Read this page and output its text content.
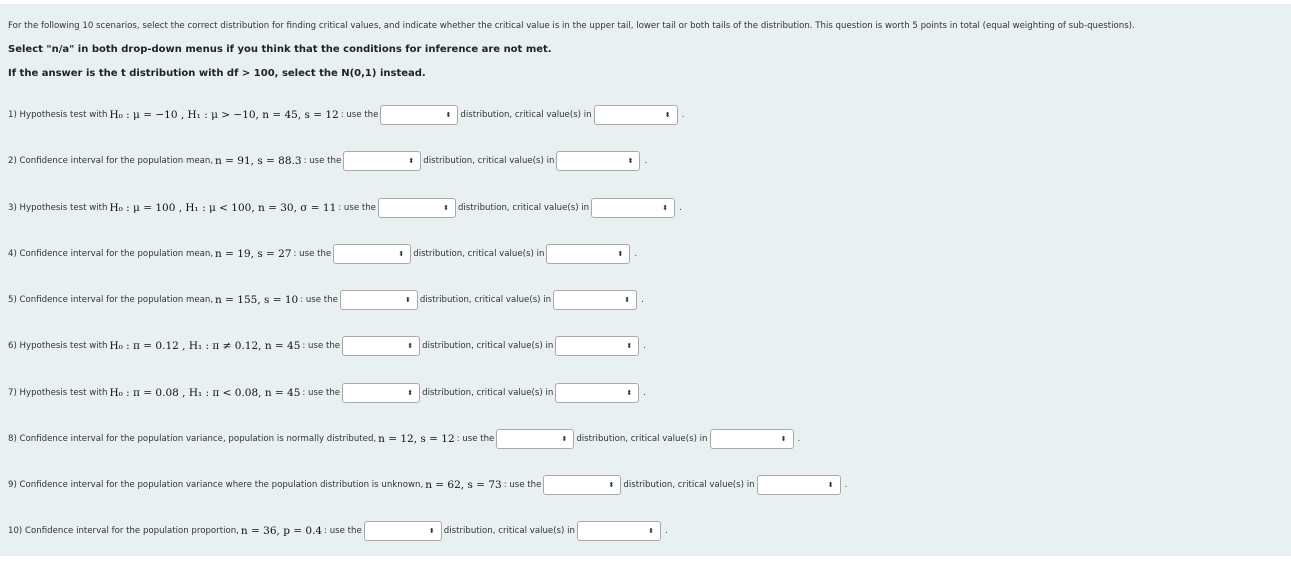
For the following 10 scenarios, select the correct distribution for finding critical values, and indicate whether the critical value is in the upper tail, lower tail or both tails of the distribution. This question is worth 5 points in total (equal weighting of sub-questions).
Select "n/a" in both drop-down menus if you think that the conditions for inference are not met.
If the answer is the t distribution with df > 100, select the N(0,1) instead.
1) Hypothesis test with H₀ : μ = −10 , H₁ : μ > −10, n = 45, s = 12 : use the	⬍ distribution, critical value(s) in	⬍ .
2) Confidence interval for the population mean, n = 91, s = 88.3 : use the	⬍ distribution, critical value(s) in	⬍ .
3) Hypothesis test with H₀ : μ = 100 , H₁ : μ < 100, n = 30, σ = 11 : use the	⬍ distribution, critical value(s) in	⬍ .
4) Confidence interval for the population mean, n = 19, s = 27 : use the	⬍ distribution, critical value(s) in	⬍ .
5) Confidence interval for the population mean, n = 155, s = 10 : use the	⬍ distribution, critical value(s) in	⬍ .
6) Hypothesis test with H₀ : π = 0.12 , H₁ : π ≠ 0.12, n = 45 : use the	⬍ distribution, critical value(s) in	⬍ .
7) Hypothesis test with H₀ : π = 0.08 , H₁ : π < 0.08, n = 45 : use the	⬍ distribution, critical value(s) in	⬍ .
8) Confidence interval for the population variance, population is normally distributed, n = 12, s = 12 : use the	⬍ distribution, critical value(s) in	⬍ .
9) Confidence interval for the population variance where the population distribution is unknown, n = 62, s = 73 : use the	⬍ distribution, critical value(s) in	⬍ .
10) Confidence interval for the population proportion, n = 36, p = 0.4 : use the	⬍ distribution, critical value(s) in	⬍ .
